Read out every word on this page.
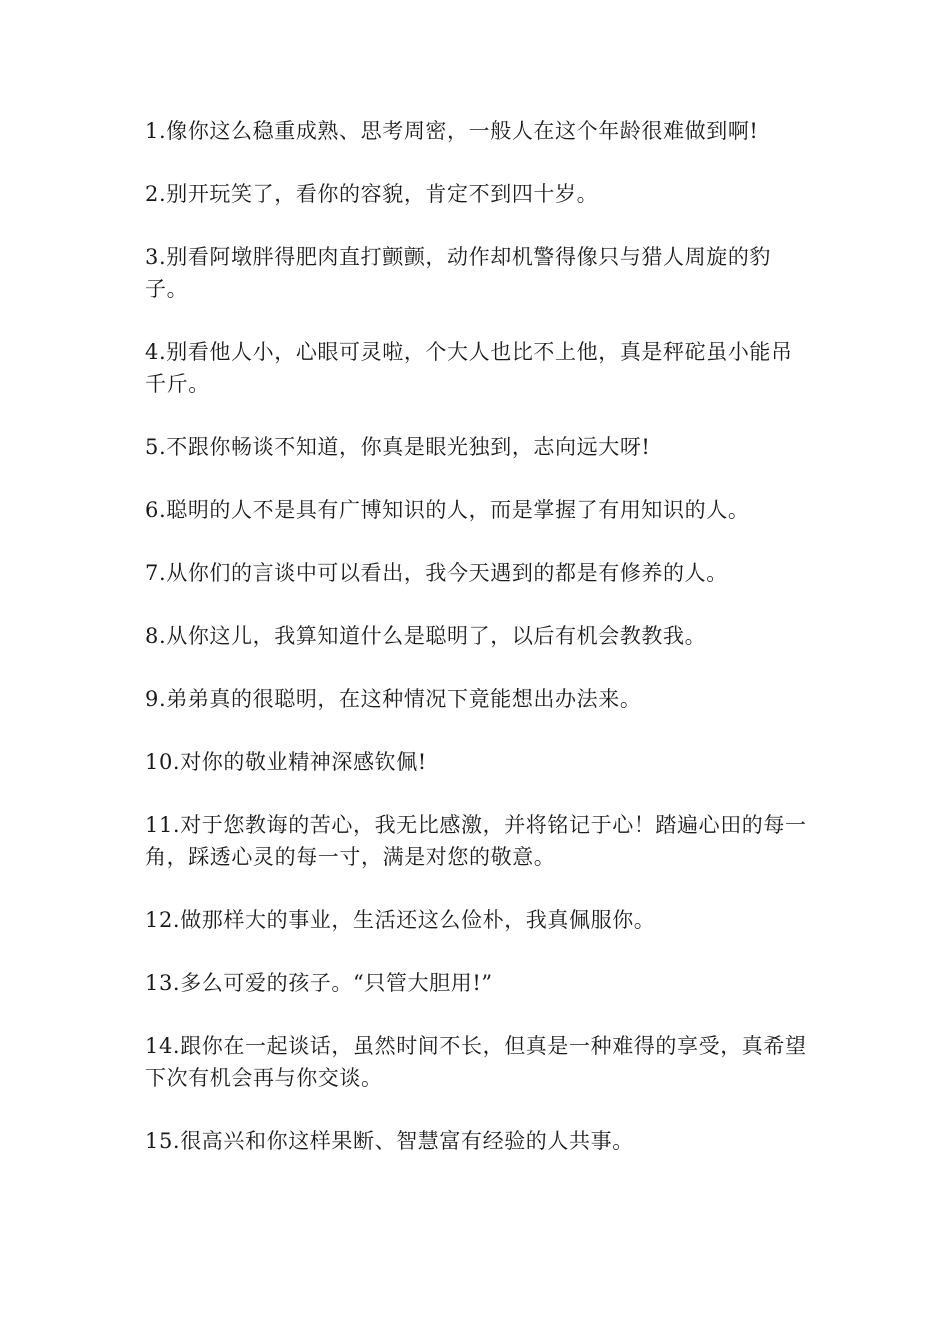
1.像你这么稳重成熟、思考周密，一般人在这个年龄很难做到啊!

2.别开玩笑了，看你的容貌，肯定不到四十岁。

3.别看阿墩胖得肥肉直打颤颤，动作却机警得像只与猎人周旋的豹子。

4.别看他人小，心眼可灵啦，个大人也比不上他，真是秤砣虽小能吊千斤。

5.不跟你畅谈不知道，你真是眼光独到，志向远大呀!

6.聪明的人不是具有广博知识的人，而是掌握了有用知识的人。

7.从你们的言谈中可以看出，我今天遇到的都是有修养的人。

8.从你这儿，我算知道什么是聪明了，以后有机会教教我。

9.弟弟真的很聪明，在这种情况下竟能想出办法来。

10.对你的敬业精神深感钦佩!

11.对于您教诲的苦心，我无比感激，并将铭记于心！踏遍心田的每一角，踩透心灵的每一寸，满是对您的敬意。

12.做那样大的事业，生活还这么俭朴，我真佩服你。

13.多么可爱的孩子。“只管大胆用!”

14.跟你在一起谈话，虽然时间不长，但真是一种难得的享受，真希望下次有机会再与你交谈。

15.很高兴和你这样果断、智慧富有经验的人共事。
